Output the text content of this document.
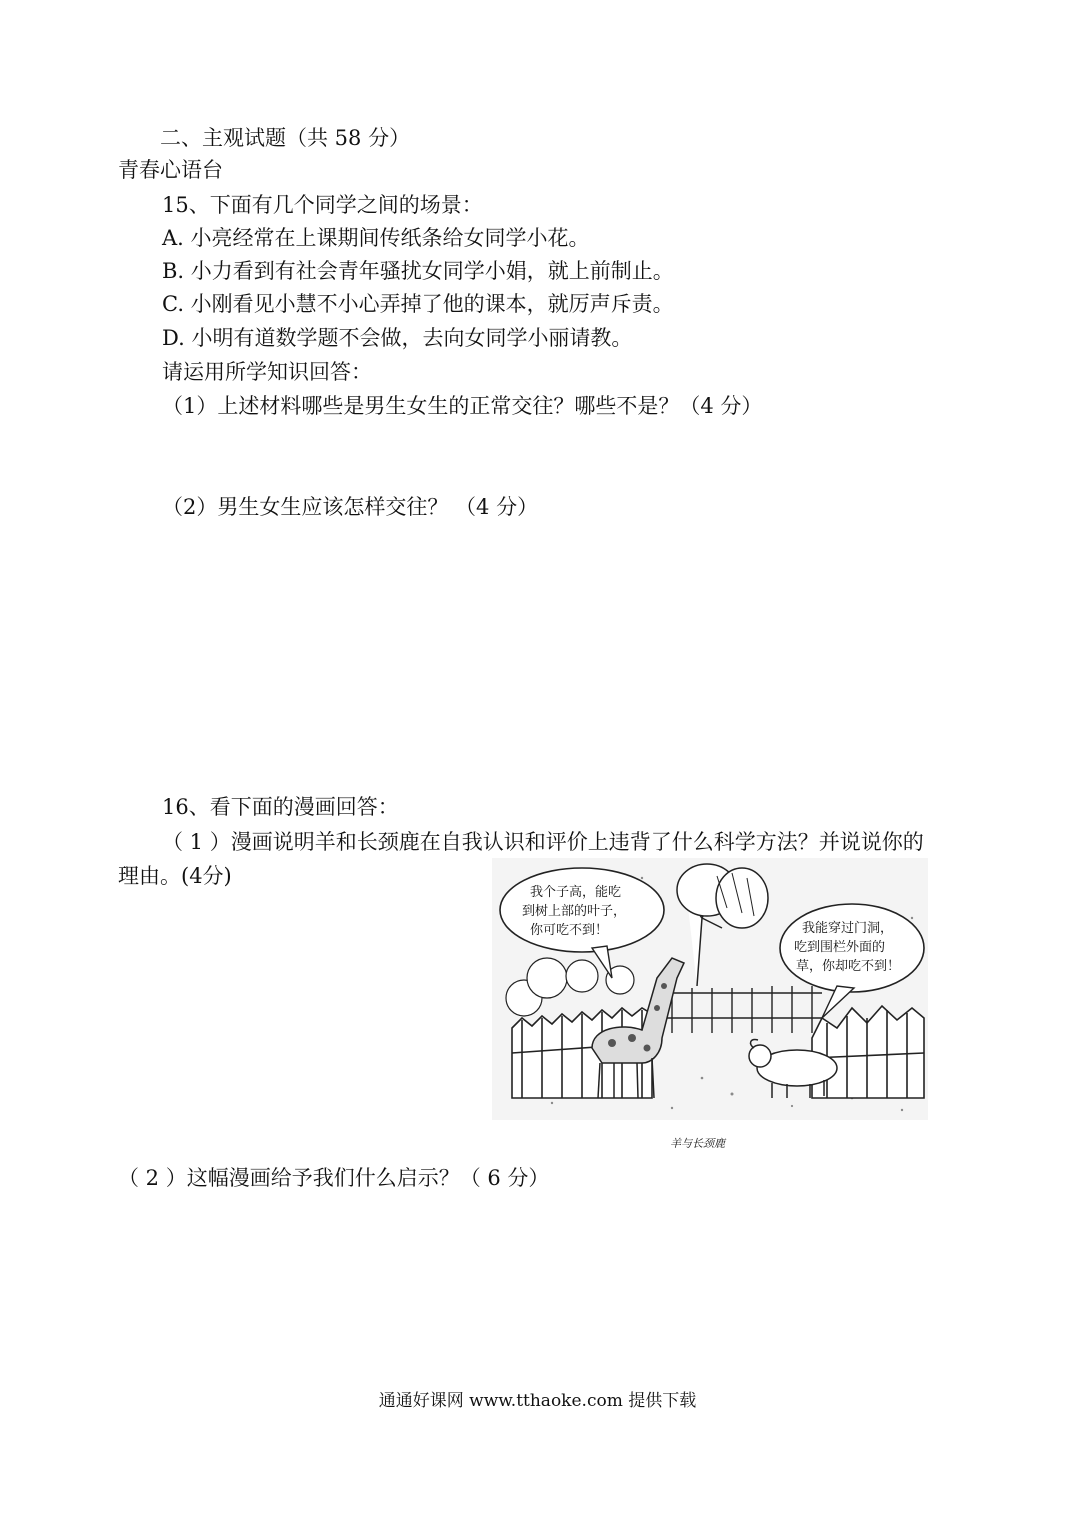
二、主观试题（共 58 分）
青春心语台
15、下面有几个同学之间的场景：
A. 小亮经常在上课期间传纸条给女同学小花。
B. 小力看到有社会青年骚扰女同学小娟，就上前制止。
C. 小刚看见小慧不小心弄掉了他的课本，就厉声斥责。
D. 小明有道数学题不会做，去向女同学小丽请教。
请运用所学知识回答：
（1）上述材料哪些是男生女生的正常交往？哪些不是？（4 分）
（2）男生女生应该怎样交往？ （4 分）
16、看下面的漫画回答：
（ 1 ）漫画说明羊和长颈鹿在自我认识和评价上违背了什么科学方法？并说说你的
理由。(4分)
我个子高，能吃
到树上部的叶子，
你可吃不到！	我能穿过门洞，
吃到围栏外面的
草，你却吃不到！
羊与长颈鹿
（ 2 ）这幅漫画给予我们什么启示？（ 6 分）
通通好课网 www.tthaoke.com 提供下载
